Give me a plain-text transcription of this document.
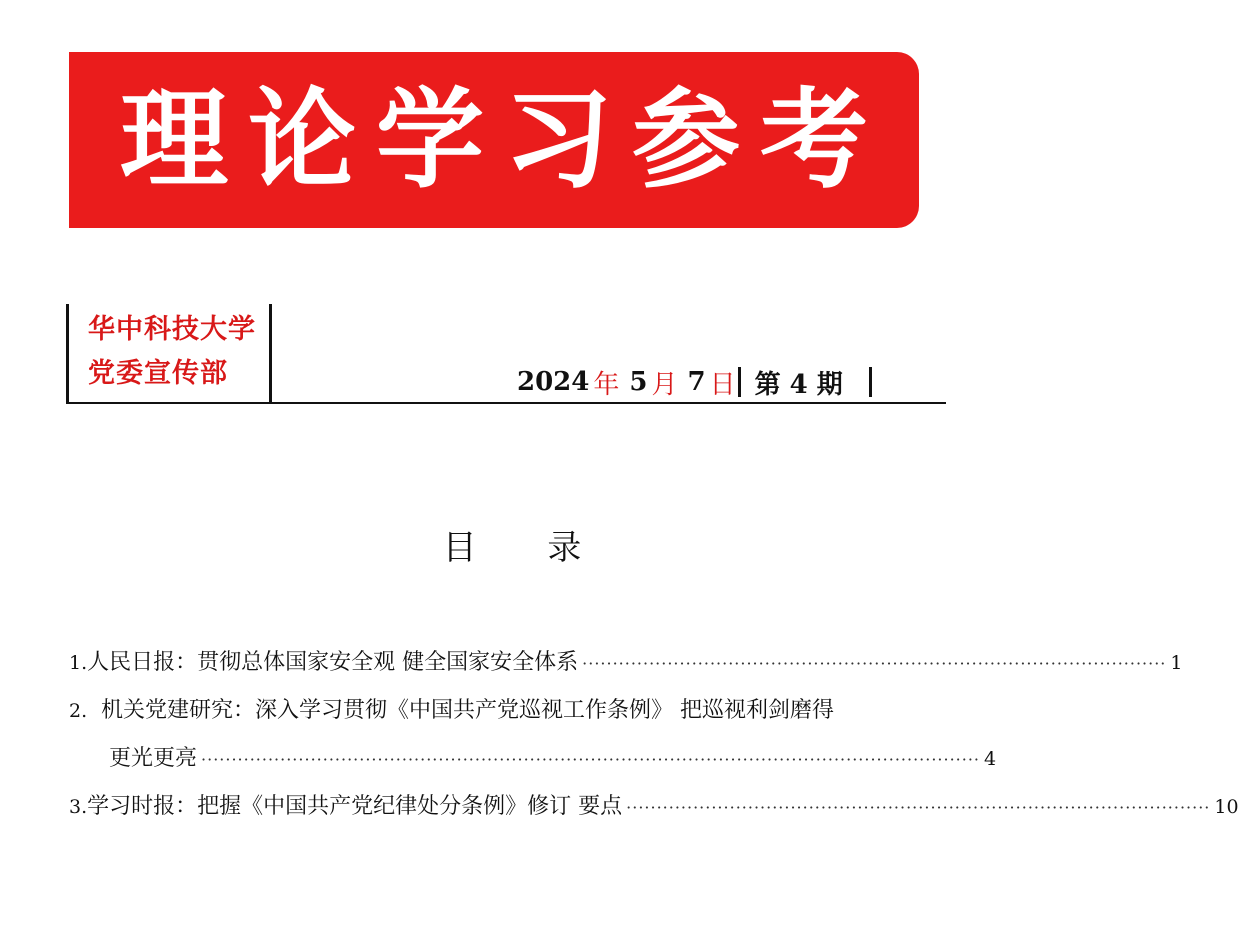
理论学习参考
华中科技大学
党委宣传部	2024 年 5 月 7 日 第 4 期
目 录
1. 人民日报：贯彻总体国家安全观 健全国家安全体系 ································································································ 1
2. 机关党建研究：深入学习贯彻《中国共产党巡视工作条例》 把巡视利剑磨得
更光更亮 ································································································································ 4
3. 学习时报：把握《中国共产党纪律处分条例》修订 要点 ································································································ 10
